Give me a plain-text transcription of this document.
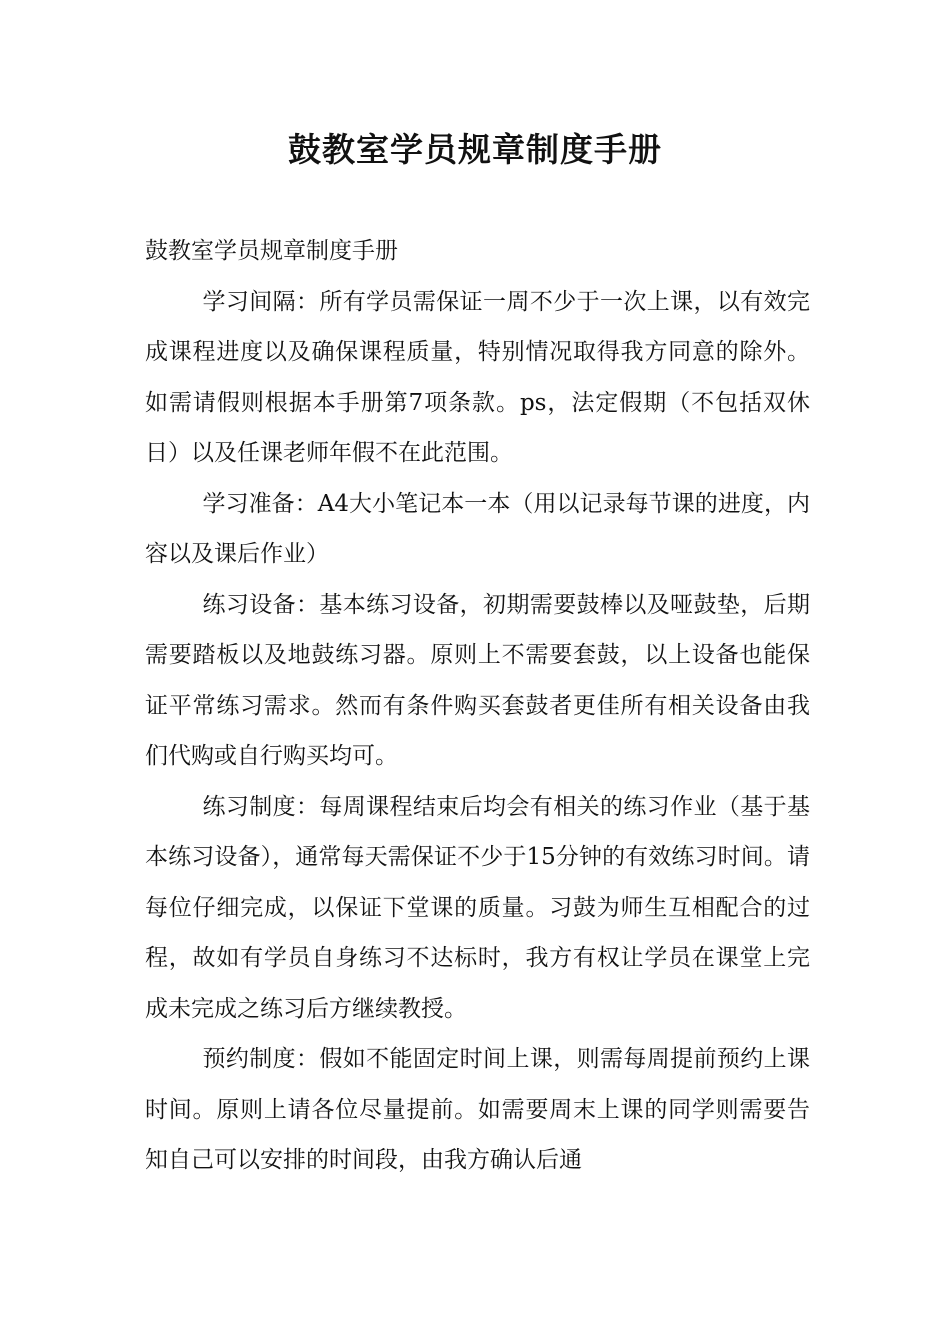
鼓教室学员规章制度手册

鼓教室学员规章制度手册

学习间隔：所有学员需保证一周不少于一次上课，以有效完成课程进度以及确保课程质量，特别情况取得我方同意的除外。如需请假则根据本手册第7项条款。ps，法定假期（不包括双休日）以及任课老师年假不在此范围。

学习准备：A4大小笔记本一本（用以记录每节课的进度，内容以及课后作业）

练习设备：基本练习设备，初期需要鼓棒以及哑鼓垫，后期需要踏板以及地鼓练习器。原则上不需要套鼓，以上设备也能保证平常练习需求。然而有条件购买套鼓者更佳所有相关设备由我们代购或自行购买均可。

练习制度：每周课程结束后均会有相关的练习作业（基于基本练习设备），通常每天需保证不少于15分钟的有效练习时间。请每位仔细完成，以保证下堂课的质量。习鼓为师生互相配合的过程，故如有学员自身练习不达标时，我方有权让学员在课堂上完成未完成之练习后方继续教授。

预约制度：假如不能固定时间上课，则需每周提前预约上课时间。原则上请各位尽量提前。如需要周末上课的同学则需要告知自己可以安排的时间段，由我方确认后通
